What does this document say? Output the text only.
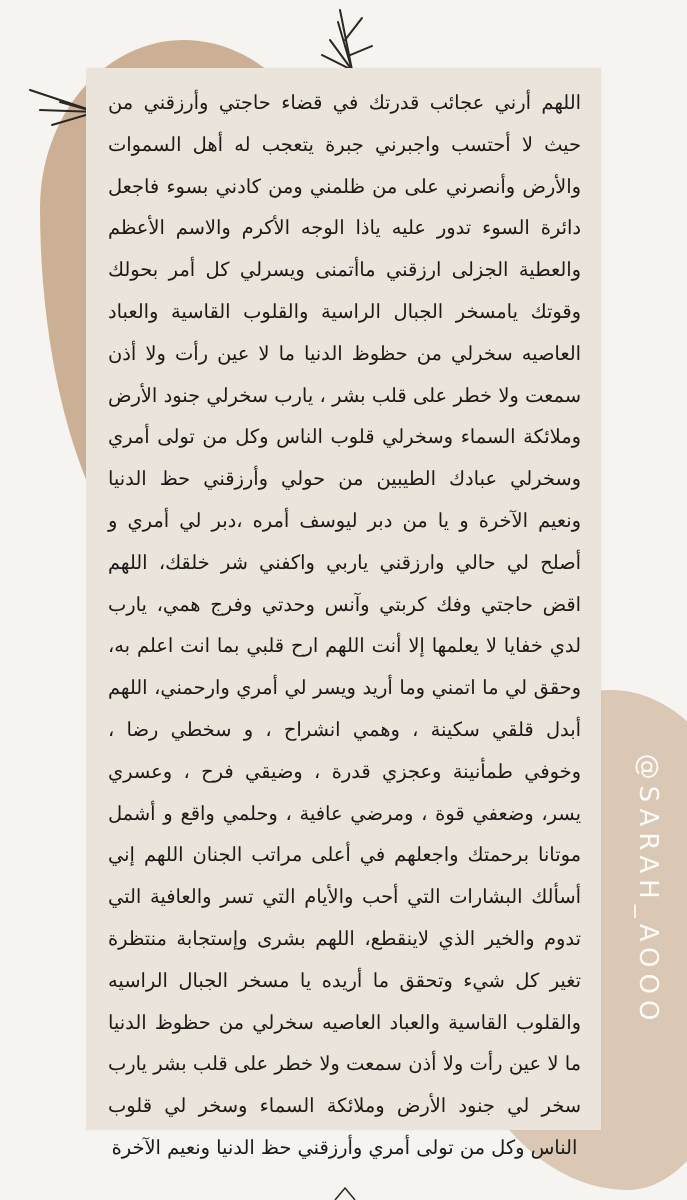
اللهم أرني عجائب قدرتك في قضاء حاجتي وأرزقني من حيث لا أحتسب واجبرني جبرة يتعجب له أهل السموات والأرض وأنصرني على من ظلمني ومن كادني بسوء فاجعل دائرة السوء تدور عليه ياذا الوجه الأكرم والاسم الأعظم والعطية الجزلى ارزقني ماأتمنى ويسرلي كل أمر بحولك وقوتك يامسخر الجبال الراسية والقلوب القاسية والعباد العاصيه سخرلي من حظوظ الدنيا ما لا عين رأت ولا أذن سمعت ولا خطر على قلب بشر ، يارب سخرلي جنود الأرض وملائكة السماء وسخرلي قلوب الناس وكل من تولى أمري وسخرلي عبادك الطيبين من حولي وأرزقني حظ الدنيا ونعيم الآخرة و يا من دبر ليوسف أمره ،دبر لي أمري و أصلح لي حالي وارزقني ياربي واكفني شر خلقك، اللهم اقض حاجتي وفك كربتي وآنس وحدتي وفرج همي، يارب لدي خفايا لا يعلمها إلا أنت اللهم ارح قلبي بما انت اعلم به، وحقق لي ما اتمني وما أريد ويسر لي أمري وارحمني، اللهم أبدل قلقي سكينة ، وهمي انشراح ، و سخطي رضا ، وخوفي طمأنينة وعجزي قدرة ، وضيقي فرح ، وعسري يسر، وضعفي قوة ، ومرضي عافية ، وحلمي واقع و أشمل موتانا برحمتك واجعلهم في أعلى مراتب الجنان اللهم إني أسألك البشارات التي أحب والأيام التي تسر والعافية التي تدوم والخير الذي لاينقطع، اللهم بشرى وإستجابة منتظرة تغير كل شيء وتحقق ما أريده يا مسخر الجبال الراسيه والقلوب القاسية والعباد العاصيه سخرلي من حظوظ الدنيا ما لا عين رأت ولا أذن سمعت ولا خطر على قلب بشر يارب سخر لي جنود الأرض وملائكة السماء وسخر لي قلوب الناس وكل من تولى أمري وأرزقني حظ الدنيا ونعيم الآخرة
@SARAH_AOOO
